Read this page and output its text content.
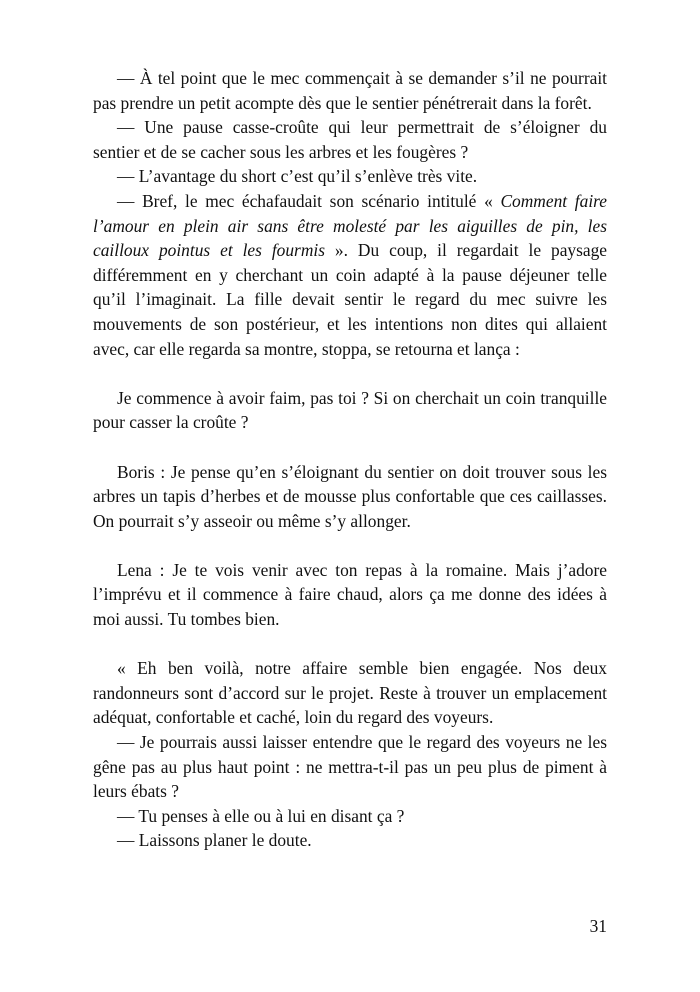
— À tel point que le mec commençait à se demander s’il ne pourrait pas prendre un petit acompte dès que le sentier pénétrerait dans la forêt.

— Une pause casse-croûte qui leur permettrait de s’éloigner du sentier et de se cacher sous les arbres et les fougères ?

— L’avantage du short c’est qu’il s’enlève très vite.

— Bref, le mec échafaudait son scénario intitulé « Comment faire l’amour en plein air sans être molesté par les aiguilles de pin, les cailloux pointus et les fourmis ». Du coup, il regardait le paysage différemment en y cherchant un coin adapté à la pause déjeuner telle qu’il l’imaginait. La fille devait sentir le regard du mec suivre les mouvements de son postérieur, et les intentions non dites qui allaient avec, car elle regarda sa montre, stoppa, se retourna et lança :

Je commence à avoir faim, pas toi ? Si on cherchait un coin tranquille pour casser la croûte ?

Boris : Je pense qu’en s’éloignant du sentier on doit trouver sous les arbres un tapis d’herbes et de mousse plus confortable que ces caillasses. On pourrait s’y asseoir ou même s’y allonger.

Lena : Je te vois venir avec ton repas à la romaine. Mais j’adore l’imprévu et il commence à faire chaud, alors ça me donne des idées à moi aussi. Tu tombes bien.

« Eh ben voilà, notre affaire semble bien engagée. Nos deux randonneurs sont d’accord sur le projet. Reste à trouver un emplacement adéquat, confortable et caché, loin du regard des voyeurs.

— Je pourrais aussi laisser entendre que le regard des voyeurs ne les gêne pas au plus haut point : ne mettra-t-il pas un peu plus de piment à leurs ébats ?

— Tu penses à elle ou à lui en disant ça ?

— Laissons planer le doute.

31
